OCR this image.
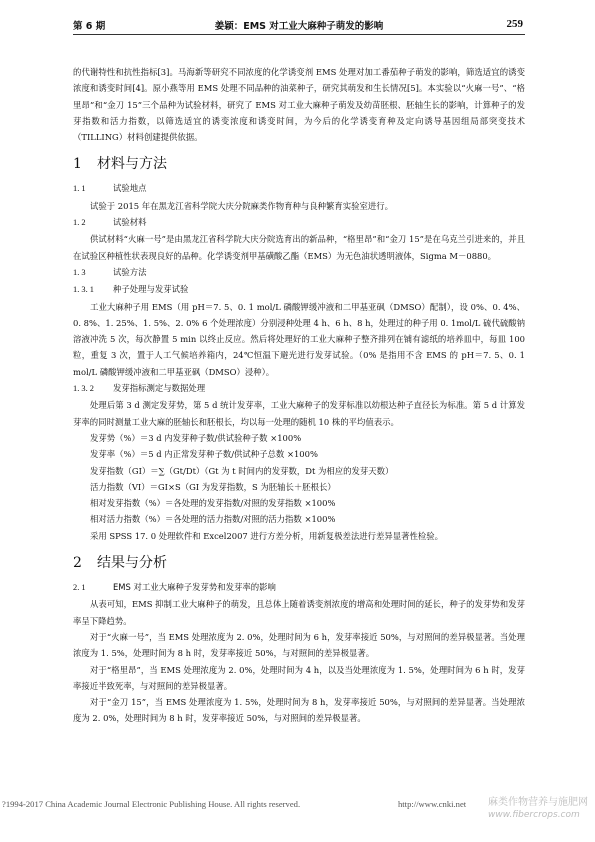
第 6 期	姜颖：EMS 对工业大麻种子萌发的影响	259

的代谢特性和抗性指标[3]。马海新等研究不同浓度的化学诱变剂 EMS 处理对加工番茄种子萌发的影响，筛选适宜的诱变浓度和诱变时间[4]。原小燕等用 EMS 处理不同品种的油菜种子，研究其萌发和生长情况[5]。本实验以“火麻一号”、“格里昂”和“金刀 15”三个品种为试验材料，研究了 EMS 对工业大麻种子萌发及幼苗胚根、胚轴生长的影响，计算种子的发芽指数和活力指数，以筛选适宜的诱变浓度和诱变时间，为今后的化学诱变育种及定向诱导基因组局部突变技术（TILLING）材料创建提供依据。

1 材料与方法
1. 1	试验地点

试验于 2015 年在黑龙江省科学院大庆分院麻类作物育种与良种繁育实验室进行。

1. 2	试验材料

供试材料“火麻一号”是由黑龙江省科学院大庆分院选育出的新品种，“格里昂”和“金刀 15”是在乌克兰引进来的，并且在试验区种植性状表现良好的品种。化学诱变剂甲基磺酸乙酯（EMS）为无色油状透明液体，Sigma M－0880。

1. 3	试验方法
1. 3. 1 种子处理与发芽试验

工业大麻种子用 EMS（用 pH＝7. 5、0. 1 mol/L 磷酸钾缓冲液和二甲基亚砜（DMSO）配制），设 0%、0. 4%、0. 8%、1. 25%、1. 5%、2. 0% 6 个处理浓度）分别浸种处理 4 h、6 h、8 h，处理过的种子用 0. 1mol/L 硫代硫酸钠溶液冲洗 5 次，每次静置 5 min 以终止反应。然后将处理好的工业大麻种子整齐排列在铺有滤纸的培养皿中，每皿 100 粒，重复 3 次，置于人工气候培养箱内，24℃恒温下避光进行发芽试验。（0% 是指用不含 EMS 的 pH＝7. 5、0. 1 mol/L 磷酸钾缓冲液和二甲基亚砜（DMSO）浸种）。

1. 3. 2 发芽指标测定与数据处理

处理后第 3 d 测定发芽势，第 5 d 统计发芽率，工业大麻种子的发芽标准以幼根达种子直径长为标准。第 5 d 计算发芽率的同时测量工业大麻的胚轴长和胚根长，均以每一处理的随机 10 株的平均值表示。

发芽势（%）＝3 d 内发芽种子数/供试验种子数 ×100%

发芽率（%）＝5 d 内正常发芽种子数/供试种子总数 ×100%

发芽指数（GI）＝∑（Gt/Dt）（Gt 为 t 时间内的发芽数，Dt 为相应的发芽天数）

活力指数（VI）＝GI×S（GI 为发芽指数，S 为胚轴长＋胚根长）

相对发芽指数（%）＝各处理的发芽指数/对照的发芽指数 ×100%

相对活力指数（%）＝各处理的活力指数/对照的活力指数 ×100%

采用 SPSS 17. 0 处理软件和 Excel2007 进行方差分析，用新复极差法进行差异显著性检验。

2 结果与分析
2. 1	EMS 对工业大麻种子发芽势和发芽率的影响

从表可知，EMS 抑制工业大麻种子的萌发，且总体上随着诱变剂浓度的增高和处理时间的延长，种子的发芽势和发芽率呈下降趋势。

对于“火麻一号”，当 EMS 处理浓度为 2. 0%，处理时间为 6 h，发芽率接近 50%，与对照间的差异极显著。当处理浓度为 1. 5%，处理时间为 8 h 时，发芽率接近 50%，与对照间的差异极显著。

对于“格里昂”，当 EMS 处理浓度为 2. 0%，处理时间为 4 h，以及当处理浓度为 1. 5%，处理时间为 6 h 时，发芽率接近半致死率，与对照间的差异极显著。

对于“金刀 15”，当 EMS 处理浓度为 1. 5%，处理时间为 8 h，发芽率接近 50%，与对照间的差异显著。当处理浓度为 2. 0%，处理时间为 8 h 时，发芽率接近 50%，与对照间的差异极显著。

?1994-2017 China Academic Journal Electronic Publishing House. All rights reserved.	http://www.cnki.net 麻类作物营养与施肥网
www.fibercrops.com
